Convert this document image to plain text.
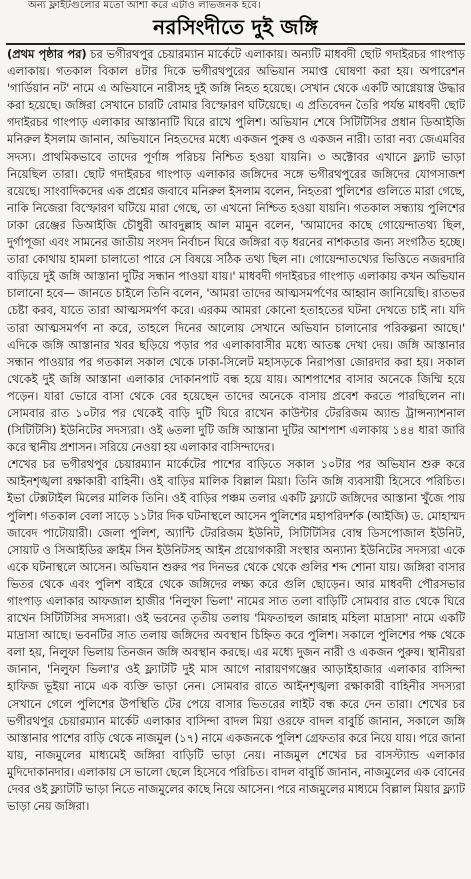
অন্য ফ্লাইটগুলোর মতো আশা করে এটাও লাভজনক হবে।
নরসিংদীতে দুই জঙ্গি

(প্রথম পৃষ্ঠার পর) চর ভগীরথপুর চেয়ারম্যান মার্কেটে এলাকায়। অন্যটি মাধবদী ছোট গদাইরচর গাংপাড় এলাকায়। গতকাল বিকাল ৪টার দিকে ভগীরথপুরের অভিযান সমাপ্ত ঘোষণা করা হয়। অপারেশন 'গার্ডিয়ান নট' নামে এ অভিযানে নারীসহ দুই জঙ্গি নিহত হয়েছে। সেখান থেকে একটি আগ্নেয়াস্ত্র উদ্ধার করা হয়েছে। জঙ্গিরা সেখানে চারটি বোমার বিস্ফোরণ ঘটিয়েছে। এ প্রতিবেদন তৈরি পর্যন্ত মাধবদী ছোট গদাইরচর গাংপাড় এলাকার আস্তানাটি ঘিরে রাখে পুলিশ। অভিযান শেষে সিটিটিসির প্রধান ডিআইজি মনিরুল ইসলাম জানান, অভিযানে নিহতদের মধ্যে একজন পুরুষ ও একজন নারী। তারা নব্য জেএমবির সদস্য। প্রাথমিকভাবে তাদের পূর্ণাঙ্গ পরিচয় নিশ্চিত হওয়া যায়নি। ৩ অক্টোবর এখানে ফ্ল্যাট ভাড়া নিয়েছিল তারা। ছোট গদাইরচর গাংপাড় এলাকার জঙ্গিদের সঙ্গে ভগীরথপুরের জঙ্গিদের যোগসাজশ রয়েছে। সাংবাদিকদের এক প্রশ্নের জবাবে মনিরুল ইসলাম বলেন, নিহতরা পুলিশের গুলিতে মারা গেছে, নাকি নিজেরা বিস্ফোরণ ঘটিয়ে মারা গেছে, তা এখনো নিশ্চিত হওয়া যায়নি। গতকাল সন্ধ্যায় পুলিশের ঢাকা রেঞ্জের ডিআইজি চৌধুরী আবদুল্লাহ আল মামুন বলেন, 'আমাদের কাছে গোয়েন্দাতথ্য ছিল, দুর্গাপূজা এবং সামনের জাতীয় সংসদ নির্বাচন ঘিরে জঙ্গিরা বড় ধরনের নাশকতার জন্য সংগঠিত হচ্ছে। তারা কোথায় হামলা চালাতো পারে সে বিষয়ে সঠিক তথ্য ছিল না। গোয়েন্দাতথ্যের ভিত্তিতে নজরদারি বাড়িয়ে দুই জঙ্গি আস্তানা দুটির সন্ধান পাওয়া যায়।' মাধবদী গদাইরচর গাংপাড় এলাকায় কখন অভিযান চালানো হবে— জানতে চাইলে তিনি বলেন, 'আমরা তাদের আত্মসমর্পণের আহ্বান জানিয়েছি। রাতভর চেষ্টা করব, যাতে তারা আত্মসমর্পণ করে। এরকম আমরা কোনো হতাহতের ঘটনা দেখতে চাই না। যদি তারা আত্মসমর্পণ না করে, তাহলে দিনের আলোয় সেখানে অভিযান চালানোর পরিকল্পনা আছে।' এদিকে জঙ্গি আস্তানার খবর ছড়িয়ে পড়ার পর এলাকাবাসীর মধ্যে আতঙ্ক দেখা দেয়। জঙ্গি আস্তানার সন্ধান পাওয়ার পর গতকাল সকাল থেকে ঢাকা-সিলেট মহাসড়কে নিরাপত্তা জোরদার করা হয়। সকাল থেকেই দুই জঙ্গি আস্তানা এলাকার দোকানপাট বন্ধ হয়ে যায়। আশপাশের বাসার অনেকে জিম্মি হয়ে পড়েন। যারা ভোরে বাসা থেকে বের হয়েছেন তাদের অনেকে বাসায় প্রবেশ করতে পারছিলেন না। সোমবার রাত ১০টার পর থেকেই বাড়ি দুটি ঘিরে রাখেন কাউন্টার টেররিজম অ্যান্ড ট্রান্সন্যাশনাল (সিটিটিসি) ইউনিটের সদস্যরা। ওই ৬তলা দুটি জঙ্গি আস্তানা দুটির আশপাশ এলাকায় ১৪৪ ধারা জারি করে স্থানীয় প্রশাসন। সরিয়ে নেওয়া হয় এলাকার বাসিন্দাদের।

শেখের চর ভগীরথপুর চেয়ারম্যান মার্কেটের পাশের বাড়িতে সকাল ১০টার পর অভিযান শুরু করে আইনশৃঙ্খলা রক্ষাকারী বাহিনী। ওই বাড়ির মালিক বিল্লাল মিয়া। তিনি জঙ্গি ব্যবসায়ী হিসেবে পরিচিত। ইভা টেক্সটাইল মিলের মালিক তিনি। ওই বাড়ির পঞ্চম তলার একটি ফ্ল্যাটে জঙ্গিদের আস্তানা খুঁজে পায় পুলিশ। গতকাল বেলা সাড়ে ১১টার দিক ঘটনাস্থলে আসেন পুলিশের মহাপরিদর্শক (আইজি) ড. মোহাম্মদ জাবেদ পাটোয়ারী। জেলা পুলিশ, অ্যান্টি টেররিজম ইউনিট, সিটিটিসির বোম্ব ডিসপোজাল ইউনিট, সোয়াট ও সিআইডির ক্রাইম সিন ইউনিটসহ আইন প্রয়োগকারী সংস্থার অন্যান্য ইউনিটের সদস্যরা একে একে ঘটনাস্থলে আসেন। অভিযান শুরুর পর দিনভর থেকে থেকে গুলির শব্দ শোনা যায়। জঙ্গিরা বাসার ভিতর থেকে এবং পুলিশ বাইরে থেকে জঙ্গিদের লক্ষ্য করে গুলি ছোড়েন। আর মাধবদী পৌরসভার গাংপাড় এলাকার আফজাল হাজীর 'নিলুফা ভিলা' নামের সাত তলা বাড়িটি সোমবার রাত থেকে ঘিরে রাখেন সিটিটিসির সদস্যরা। ওই ভবনের তৃতীয় তলায় 'মিফতাহুল জান্নাহ মহিলা মাদ্রাসা' নামে একটি মাদ্রাসা আছে। ভবনটির সাত তলায় জঙ্গিদের অবস্থান চিহ্নিত করে পুলিশ। সকালে পুলিশের পক্ষ থেকে বলা হয়, নিলুফা ভিলায় তিনজন জঙ্গি অবস্থান করছে। এর মধ্যে দুজন নারী ও একজন পুরুষ। স্থানীয়রা জানান, 'নিলুফা ভিলা'র ওই ফ্ল্যাটটি দুই মাস আগে নারায়ণগঞ্জের আড়াইহাজার এলাকার বাসিন্দা হাফিজ ভূইয়া নামে এক ব্যক্তি ভাড়া নেন। সোমবার রাতে আইনশৃঙ্খলা রক্ষাকারী বাহিনীর সদস্যরা সেখানে গেলে পুলিশের উপস্থিতি টের পেয়ে বাসার ভিতরের লাইট বন্ধ করে দেন তারা। শেখের চর ভগীরথপুর চেয়ারম্যান মার্কেট এলাকার বাসিন্দা বাদল মিয়া ওরফে বাদল বাবুর্চি জানান, সকালে জঙ্গি আস্তানার পাশের বাড়ি থেকে নাজমুল (১৭) নামে একজনকে পুলিশ গ্রেফতার করে নিয়ে যায়। পরে জানা যায়, নাজমুলের মাধ্যমেই জঙ্গিরা বাড়িটি ভাড়া নেয়। নাজমুল শেখের চর বাসস্ট্যান্ড এলাকার মুদিদোকানদার। এলাকায় সে ভালো ছেলে হিসেবে পরিচিত। বাদল বাবুর্চি জানান, নাজমুলের এক বোনের দেবর ওই ফ্ল্যাটটি ভাড়া নিতে নাজমুলের কাছে নিয়ে আসেন। পরে নাজমুলের মাধ্যমে বিল্লাল মিয়ার ফ্ল্যাট ভাড়া নেয় জঙ্গিরা।
